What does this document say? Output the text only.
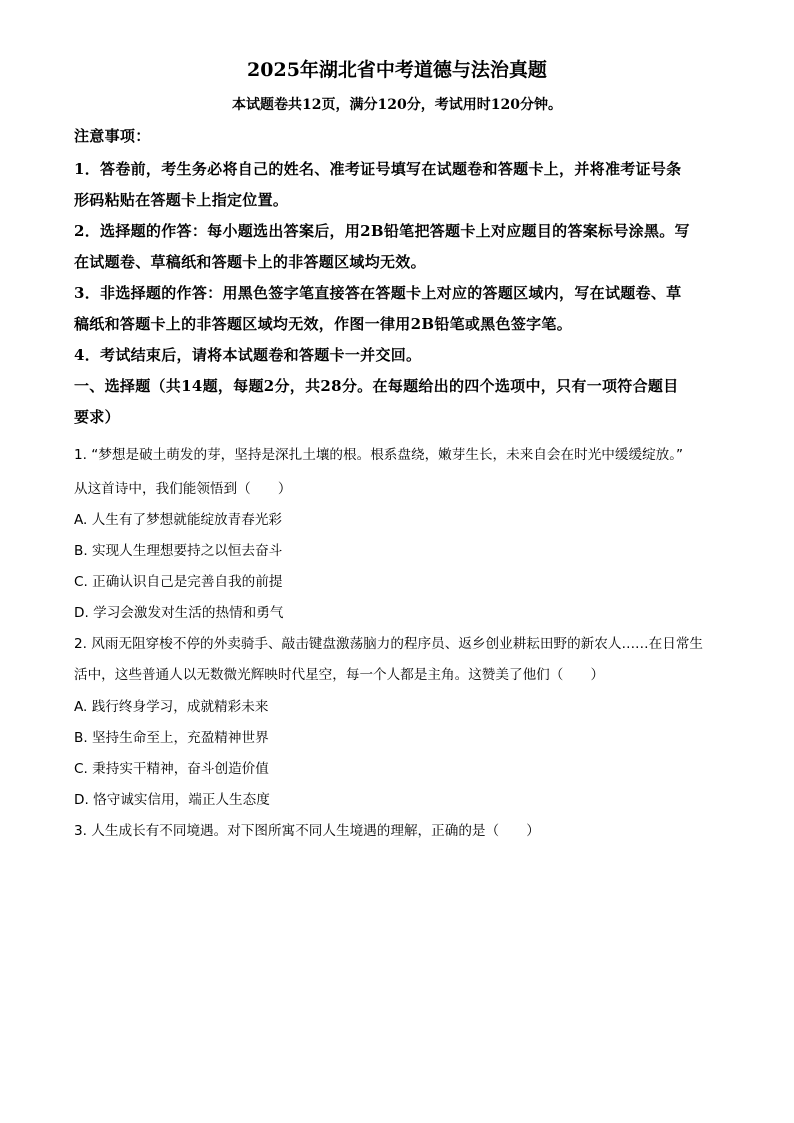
2025年湖北省中考道德与法治真题
本试题卷共12页，满分120分，考试用时120分钟。
注意事项：
1．答卷前，考生务必将自己的姓名、准考证号填写在试题卷和答题卡上，并将准考证号条
形码粘贴在答题卡上指定位置。
2．选择题的作答：每小题选出答案后，用2B铅笔把答题卡上对应题目的答案标号涂黑。写
在试题卷、草稿纸和答题卡上的非答题区域均无效。
3．非选择题的作答：用黑色签字笔直接答在答题卡上对应的答题区域内，写在试题卷、草
稿纸和答题卡上的非答题区域均无效，作图一律用2B铅笔或黑色签字笔。
4．考试结束后，请将本试题卷和答题卡一并交回。
一、选择题（共14题，每题2分，共28分。在每题给出的四个选项中，只有一项符合题目
要求）
1. “梦想是破土萌发的芽，坚持是深扎土壤的根。根系盘绕，嫩芽生长，未来自会在时光中缓缓绽放。”
从这首诗中，我们能领悟到（　　）
A. 人生有了梦想就能绽放青春光彩
B. 实现人生理想要持之以恒去奋斗
C. 正确认识自己是完善自我的前提
D. 学习会激发对生活的热情和勇气
2. 风雨无阻穿梭不停的外卖骑手、敲击键盘激荡脑力的程序员、返乡创业耕耘田野的新农人……在日常生
活中，这些普通人以无数微光辉映时代星空，每一个人都是主角。这赞美了他们（　　）
A. 践行终身学习，成就精彩未来
B. 坚持生命至上，充盈精神世界
C. 秉持实干精神，奋斗创造价值
D. 恪守诚实信用，端正人生态度
3. 人生成长有不同境遇。对下图所寓不同人生境遇的理解，正确的是（　　）
